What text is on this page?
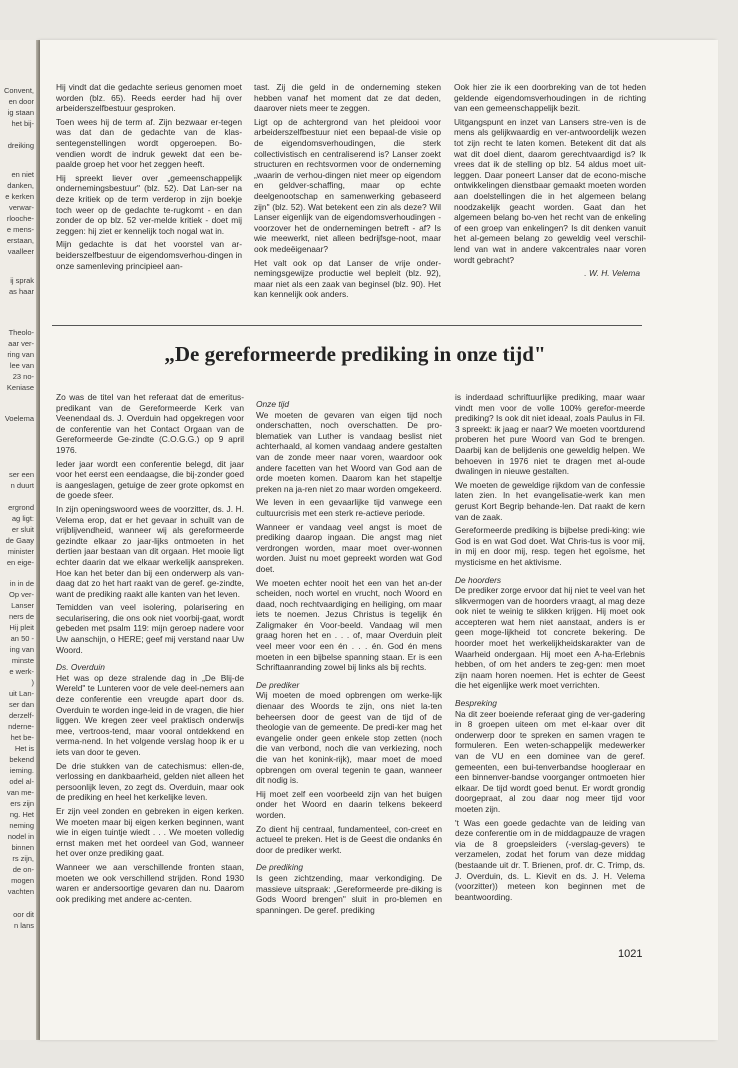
Convent,
en door
ig staan
het bij-
dreiking
en niet
danken,
e kerken
verwar-
rlooche-
e mens-
erstaan,
vaalleer
ij sprak
as haar
Theolo-
aar ver-
ring van
lee van
23 no-
Keniase
Voelema
ser een
n duurt
ergrond
ag ligt:
er sluit
de Gaay
minister
en eige-
in in de
Op ver-
Lanser
ners de
Hij pleit
an 50 -
ing van
minste
e werk-
)
uit Lan-
ser dan
derzelf-
nderne-
het be-
Het is
bekend
ieming.
odel al-
van me-
ers zijn
ng. Het
neming
nodel in
binnen
rs zijn,
de on-
mogen
vachten
oor dit
n lans

Hij vindt dat die gedachte serieus genomen moet worden (blz. 65). Reeds eerder had hij over arbeiderszelfbestuur gesproken.

Toen wees hij de term af. Zijn bezwaar er-tegen was dat dan de gedachte van de klas-sentegenstellingen wordt opgeroepen. Bo-vendien wordt de indruk gewekt dat een be-paalde groep het voor het zeggen heeft.

Hij spreekt liever over „gemeenschappelijk ondernemingsbestuur" (blz. 52). Dat Lan-ser na deze kritiek op de term verderop in zijn boekje toch weer op de gedachte te-rugkomt - en dan zonder de op blz. 52 ver-melde kritiek - doet mij zeggen: hij ziet er kennelijk toch nogal wat in.

Mijn gedachte is dat het voorstel van ar-beiderszelfbestuur de eigendomsverhou-dingen in onze samenleving principieel aan-

tast. Zij die geld in de onderneming steken hebben vanaf het moment dat ze dat deden, daarover niets meer te zeggen.

Ligt op de achtergrond van het pleidooi voor arbeiderszelfbestuur niet een bepaal-de visie op de eigendomsverhoudingen, die sterk collectivistisch en centraliserend is? Lanser zoekt structuren en rechtsvormen voor de onderneming „waarin de verhou-dingen niet meer op eigendom en geldver-schaffing, maar op echte deelgenootschap en samenwerking gebaseerd zijn" (blz. 52). Wat betekent een zin als deze? Wil Lanser eigenlijk van de eigendomsverhoudingen - voorzover het de ondernemingen betreft - af? Is wie meewerkt, niet alleen bedrijfsge-noot, maar ook medeëigenaar?

Het valt ook op dat Lanser de vrije onder-nemingsgewijze productie wel bepleit (blz. 92), maar niet als een zaak van beginsel (blz. 90). Het kan kennelijk ook anders.

Ook hier zie ik een doorbreking van de tot heden geldende eigendomsverhoudingen in de richting van een gemeenschappelijk bezit.

Uitgangspunt en inzet van Lansers stre-ven is de mens als gelijkwaardig en ver-antwoordelijk wezen tot zijn recht te laten komen. Betekent dit dat als wat dit doel dient, daarom gerechtvaardigd is? Ik vrees dat ik de stelling op blz. 54 aldus moet uit-leggen. Daar poneert Lanser dat de econo-mische ontwikkelingen dienstbaar gemaakt moeten worden aan doelstellingen die in het algemeen belang noodzakelijk geacht worden. Gaat dan het algemeen belang bo-ven het recht van de enkeling of een groep van enkelingen? Is dit denken vanuit het al-gemeen belang zo geweldig veel verschil-lend van wat in andere vakcentrales naar voren wordt gebracht?

. W. H. Velema
„De gereformeerde prediking in onze tijd"

Zo was de titel van het referaat dat de emeritus-predikant van de Gereformeerde Kerk van Veenendaal ds. J. Overduin had opgekregen voor de conferentie van het Contact Orgaan van de Gereformeerde Ge-zindte (C.O.G.G.) op 9 april 1976.

Ieder jaar wordt een conferentie belegd, dit jaar voor het eerst een eendaagse, die bij-zonder goed is aangeslagen, getuige de zeer grote opkomst en de goede sfeer.

In zijn openingswoord wees de voorzitter, ds. J. H. Velema erop, dat er het gevaar in schuilt van de vrijblijvendheid, wanneer wij als gereformeerde gezindte elkaar zo jaar-lijks ontmoeten in het dertien jaar bestaan van dit orgaan. Het mooie ligt echter daarin dat we elkaar werkelijk aanspreken. Hoe kan het beter dan bij een onderwerp als van-daag dat zo het hart raakt van de geref. ge-zindte, want de prediking raakt alle kanten van het leven.

Temidden van veel isolering, polarisering en secularisering, die ons ook niet voorbij-gaat, wordt gebeden met psalm 119: mijn geroep nadere voor Uw aanschijn, o HERE; geef mij verstand naar Uw Woord.

Ds. Overduin

Het was op deze stralende dag in „De Blij-de Wereld" te Lunteren voor de vele deel-nemers aan deze conferentie een vreugde apart door ds. Overduin te worden inge-leid in de vragen, die hier liggen. We kregen zeer veel praktisch onderwijs mee, vertroos-tend, maar vooral ontdekkend en verma-nend. In het volgende verslag hoop ik er u iets van door te geven.

De drie stukken van de catechismus: ellen-de, verlossing en dankbaarheid, gelden niet alleen het persoonlijk leven, zo zegt ds. Overduin, maar ook de prediking en heel het kerkelijke leven.

Er zijn veel zonden en gebreken in eigen kerken. We moeten maar bij eigen kerken beginnen, want wie in eigen tuintje wiedt . . . We moeten volledig ernst maken met het oordeel van God, wanneer het over onze prediking gaat.

Wanneer we aan verschillende fronten staan, moeten we ook verschillend strijden. Rond 1930 waren er andersoortige gevaren dan nu. Daarom ook prediking met andere ac-centen.

Onze tijd

We moeten de gevaren van eigen tijd noch onderschatten, noch overschatten. De pro-blematiek van Luther is vandaag beslist niet achterhaald, al komen vandaag andere gestalten van de zonde meer naar voren, waardoor ook andere facetten van het Woord van God aan de orde moeten komen. Daarom kan het stapeltje preken na ja-ren niet zo maar worden omgekeerd.

We leven in een gevaarlijke tijd vanwege een cultuurcrisis met een sterk re-actieve periode.

Wanneer er vandaag veel angst is moet de prediking daarop ingaan. Die angst mag niet verdrongen worden, maar moet over-wonnen worden. Juist nu moet gepreekt worden wat God doet.

We moeten echter nooit het een van het an-der scheiden, noch wortel en vrucht, noch Woord en daad, noch rechtvaardiging en heiliging, om maar iets te noemen. Jezus Christus is tegelijk én Zaligmaker én Voor-beeld. Vandaag wil men graag horen het en . . . of, maar Overduin pleit veel meer voor een én . . . én. God én mens moeten in een bijbelse spanning staan. Er is een Schriftaanranding zowel bij links als bij rechts.

De prediker

Wij moeten de moed opbrengen om werke-lijk dienaar des Woords te zijn, ons niet la-ten beheersen door de geest van de tijd of de theologie van de gemeente. De predi-ker mag het evangelie onder geen enkele stop zetten (noch die van verbond, noch die van verkiezing, noch die van het konink-rijk), maar moet de moed opbrengen om overal tegenin te gaan, wanneer dit nodig is.

Hij moet zelf een voorbeeld zijn van het buigen onder het Woord en daarin telkens bekeerd worden.

Zo dient hij centraal, fundamenteel, con-creet en actueel te preken. Het is de Geest die ondanks én door de prediker werkt.

De prediking

Is geen zichtzending, maar verkondiging. De massieve uitspraak: „Gereformeerde pre-diking is Gods Woord brengen" sluit in pro-blemen en spanningen. De geref. prediking

is inderdaad schriftuurlijke prediking, maar waar vindt men voor de volle 100% gerefor-meerde prediking? Is ook dit niet ideaal, zoals Paulus in Fil. 3 spreekt: ik jaag er naar? We moeten voortdurend proberen het pure Woord van God te brengen. Daarbij kan de belijdenis one geweldig helpen. We behoeven in 1976 niet te dragen met al-oude dwalingen in nieuwe gestalten.

We moeten de geweldige rijkdom van de confessie laten zien. In het evangelisatie-werk kan men gerust Kort Begrip behande-len. Dat raakt de kern van de zaak.

Gereformeerde prediking is bijbelse predi-king: wie God is en wat God doet. Wat Chris-tus is voor mij, in mij en door mij, resp. tegen het egoïsme, het mysticisme en het aktivisme.

De hoorders

De prediker zorge ervoor dat hij niet te veel van het slikvermogen van de hoorders vraagt, al mag deze ook niet te weinig te slikken krijgen. Hij moet ook accepteren wat hem niet aanstaat, anders is er geen moge-lijkheid tot concrete bekering. De hoorder moet het werkelijkheidskarakter van de Waarheid ondergaan. Hij moet een A-ha-Erlebnis hebben, of om het anders te zeg-gen: men moet zijn naam horen noemen. Het is echter de Geest die het eigenlijke werk moet verrichten.

Bespreking

Na dit zeer boeiende referaat ging de ver-gadering in 8 groepen uiteen om met el-kaar over dit onderwerp door te spreken en samen vragen te formuleren. Een weten-schappelijk medewerker van de VU en een dominee van de geref. gemeenten, een bui-tenverbandse hoogleraar en een binnenver-bandse voorganger ontmoeten hier elkaar. De tijd wordt goed benut. Er wordt grondig doorgepraat, al zou daar nog meer tijd voor moeten zijn.

't Was een goede gedachte van de leiding van deze conferentie om in de middagpauze de vragen via de 8 groepsleiders (-verslag-gevers) te verzamelen, zodat het forum van deze middag (bestaande uit dr. T. Brienen, prof. dr. C. Trimp, ds. J. Overduin, ds. L. Kievit en ds. J. H. Velema (voorzitter)) meteen kon beginnen met de beantwoording.

1021
